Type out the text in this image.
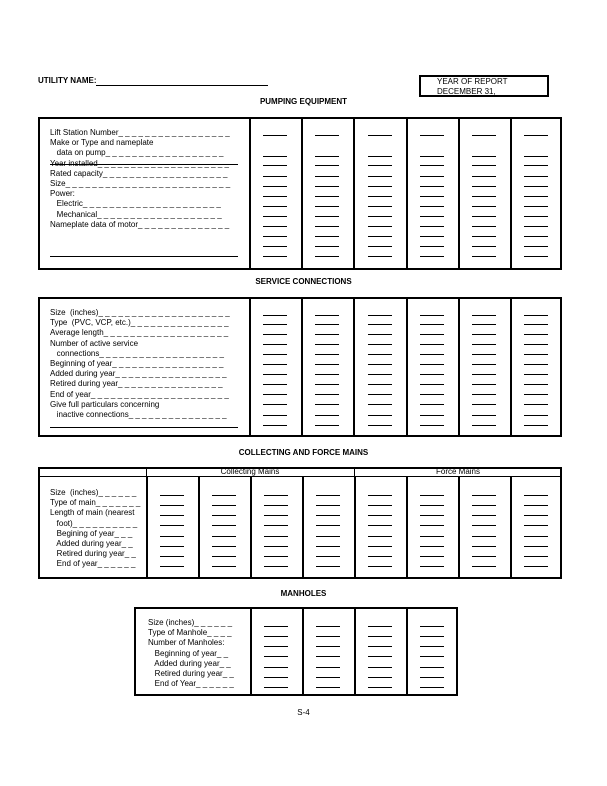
UTILITY NAME:	YEAR OF REPORT
DECEMBER 31,
PUMPING EQUIPMENT
Lift Station Number_ _ _ _ _ _ _ _ _ _ _ _ _ _ _ _ _
Make or Type and nameplate
data on pump_ _ _ _ _ _ _ _ _ _ _ _ _ _ _ _ _ _
Year installed_ _ _ _ _ _ _ _ _ _ _ _ _ _ _ _ _ _ _ _
Rated capacity_ _ _ _ _ _ _ _ _ _ _ _ _ _ _ _ _ _ _
Size_ _ _ _ _ _ _ _ _ _ _ _ _ _ _ _ _ _ _ _ _ _ _ _ _
Power:
Electric_ _ _ _ _ _ _ _ _ _ _ _ _ _ _ _ _ _ _ _ _
Mechanical_ _ _ _ _ _ _ _ _ _ _ _ _ _ _ _ _ _ _
Nameplate data of motor_ _ _ _ _ _ _ _ _ _ _ _ _ _
SERVICE CONNECTIONS
Size  (inches)_ _ _ _ _ _ _ _ _ _ _ _ _ _ _ _ _ _ _ _
Type  (PVC, VCP, etc.)_ _ _ _ _ _ _ _ _ _ _ _ _ _ _
Average length_ _ _ _ _ _ _ _ _ _ _ _ _ _ _ _ _ _ _
Number of active service
connections_ _ _ _ _ _ _ _ _ _ _ _ _ _ _ _ _ _ _
Beginning of year_ _ _ _ _ _ _ _ _ _ _ _ _ _ _ _ _
Added during year_ _ _ _ _ _ _ _ _ _ _ _ _ _ _ _ _
Retired during year_ _ _ _ _ _ _ _ _ _ _ _ _ _ _ _
End of year_ _ _ _ _ _ _ _ _ _ _ _ _ _ _ _ _ _ _ _ _
Give full particulars concerning
inactive connections_ _ _ _ _ _ _ _ _ _ _ _ _ _ _
COLLECTING AND FORCE MAINS
Collecting Mains	Force Mains
Size  (inches)_ _ _ _ _ _
Type of main_ _ _ _ _ _ _
Length of main (nearest
foot)_ _ _ _ _ _ _ _ _ _
Begining of year_ _ _
Added during year_ _
Retired during year_ _
End of year_ _ _ _ _ _
MANHOLES
Size (inches)_ _ _ _ _ _
Type of Manhole_ _ _ _
Number of Manholes:
Beginning of year_ _
Added during year_ _
Retired during year_ _
End of Year_ _ _ _ _ _
S-4
